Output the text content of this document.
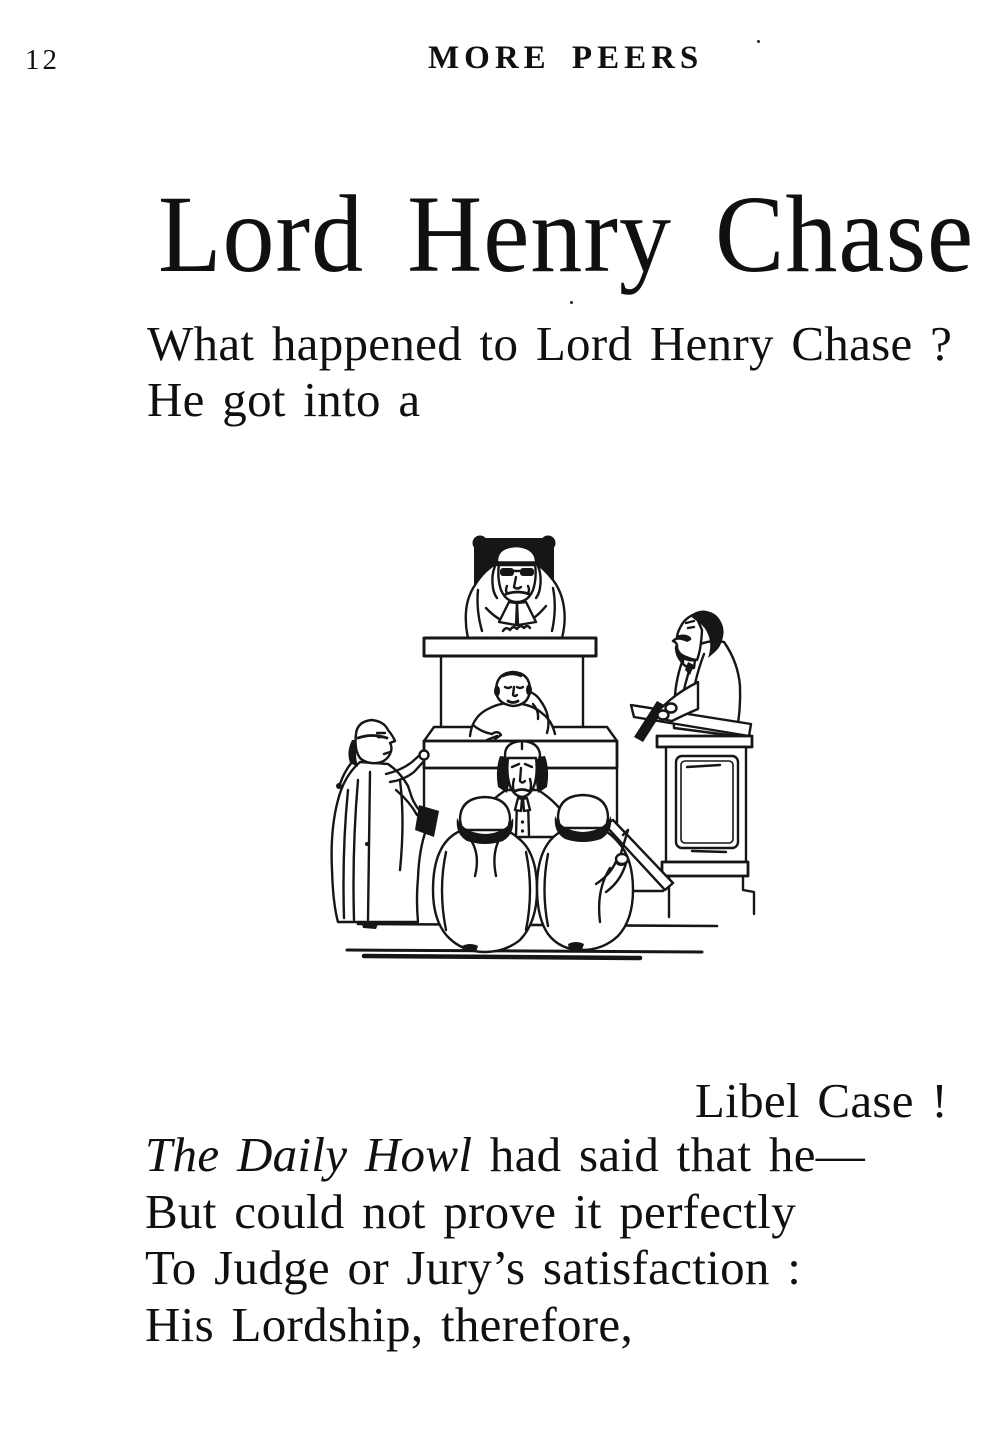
12	MORE PEERS
Lord Henry Chase
What happened to Lord Henry Chase ?
He got into a
Libel Case !
The Daily Howl had said that he—
But could not prove it perfectly
To Judge or Jury’s satisfaction :
His Lordship, therefore,
